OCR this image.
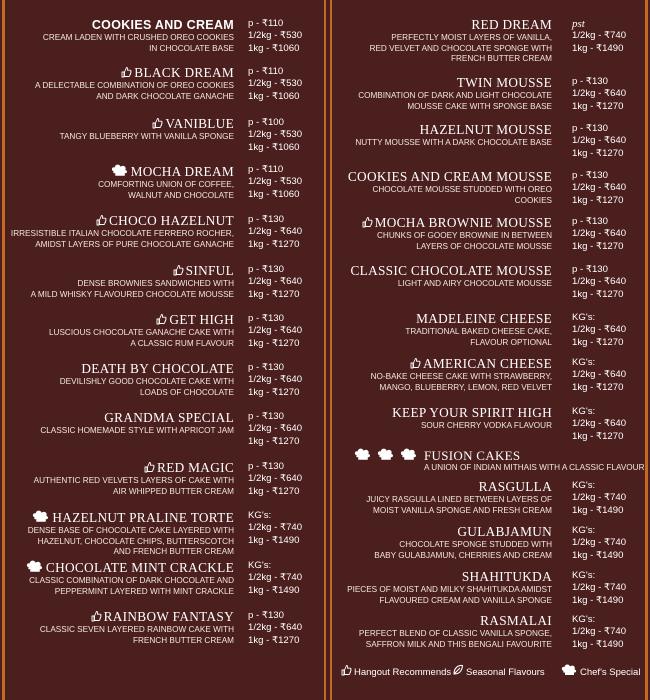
COOKIES AND CREAM
CREAM LADEN WITH CRUSHED OREO COOKIES
IN CHOCOLATE BASE
p - ₹110
1/2kg - ₹530
1kg - ₹1060
BLACK DREAM
A DELECTABLE COMBINATION OF OREO COOKIES
AND DARK CHOCOLATE GANACHE
p - ₹110
1/2kg - ₹530
1kg - ₹1060
VANIBLUE
TANGY BLUEBERRY WITH VANILLA SPONGE
p - ₹100
1/2kg - ₹530
1kg - ₹1060
MOCHA DREAM
COMFORTING UNION OF COFFEE,
WALNUT AND CHOCOLATE
p - ₹110
1/2kg - ₹530
1kg - ₹1060
CHOCO HAZELNUT
IRRESISTIBLE ITALIAN CHOCOLATE FERRERO ROCHER,
AMIDST LAYERS OF PURE CHOCOLATE GANACHE
p - ₹130
1/2kg - ₹640
1kg - ₹1270
SINFUL
DENSE BROWNIES SANDWICHED WITH
A MILD WHISKY FLAVOURED CHOCOLATE MOUSSE
p - ₹130
1/2kg - ₹640
1kg - ₹1270
GET HIGH
LUSCIOUS CHOCOLATE GANACHE CAKE WITH
A CLASSIC RUM FLAVOUR
p - ₹130
1/2kg - ₹640
1kg - ₹1270
DEATH BY CHOCOLATE
DEVILISHLY GOOD CHOCOLATE CAKE WITH
LOADS OF CHOCOLATE
p - ₹130
1/2kg - ₹640
1kg - ₹1270
GRANDMA SPECIAL
CLASSIC HOMEMADE STYLE WITH APRICOT JAM
p - ₹130
1/2kg - ₹640
1kg - ₹1270
RED MAGIC
AUTHENTIC RED VELVETS LAYERS OF CAKE WITH
AIR WHIPPED BUTTER CREAM
p - ₹130
1/2kg - ₹640
1kg - ₹1270
HAZELNUT PRALINE TORTE
DENSE BASE OF CHOCOLATE CAKE LAYERED WITH
HAZELNUT, CHOCOLATE CHIPS, BUTTERSCOTCH
AND FRENCH BUTTER CREAM
KG's:
1/2kg - ₹740
1kg - ₹1490
CHOCOLATE MINT CRACKLE
CLASSIC COMBINATION OF DARK CHOCOLATE AND
PEPPERMINT LAYERED WITH MINT CRACKLE
KG's:
1/2kg - ₹740
1kg - ₹1490
RAINBOW FANTASY
CLASSIC SEVEN LAYERED RAINBOW CAKE WITH
FRENCH BUTTER CREAM
p - ₹130
1/2kg - ₹640
1kg - ₹1270
FUSION CAKES
A UNION OF INDIAN MITHAIS WITH A CLASSIC FLAVOUR
RED DREAM
PERFECTLY MOIST LAYERS OF VANILLA,
RED VELVET AND CHOCOLATE SPONGE WITH
FRENCH BUTTER CREAM
pst
1/2kg - ₹740
1kg - ₹1490
TWIN MOUSSE
COMBINATION OF DARK AND LIGHT CHOCOLATE
MOUSSE CAKE WITH SPONGE BASE
p - ₹130
1/2kg - ₹640
1kg - ₹1270
HAZELNUT MOUSSE
NUTTY MOUSSE WITH A DARK CHOCOLATE BASE
p - ₹130
1/2kg - ₹640
1kg - ₹1270
COOKIES AND CREAM MOUSSE
CHOCOLATE MOUSSE STUDDED WITH OREO COOKIES
p - ₹130
1/2kg - ₹640
1kg - ₹1270
MOCHA BROWNIE MOUSSE
CHUNKS OF GOOEY BROWNIE IN BETWEEN
LAYERS OF CHOCOLATE MOUSSE
p - ₹130
1/2kg - ₹640
1kg - ₹1270
CLASSIC CHOCOLATE MOUSSE
LIGHT AND AIRY CHOCOLATE MOUSSE
p - ₹130
1/2kg - ₹640
1kg - ₹1270
MADELEINE CHEESE
TRADITIONAL BAKED CHEESE CAKE,
FLAVOUR OPTIONAL
KG's:
1/2kg - ₹640
1kg - ₹1270
AMERICAN CHEESE
NO-BAKE CHEESE CAKE WITH STRAWBERRY,
MANGO, BLUEBERRY, LEMON, RED VELVET
KG's:
1/2kg - ₹640
1kg - ₹1270
KEEP YOUR SPIRIT HIGH
SOUR CHERRY VODKA FLAVOUR
KG's:
1/2kg - ₹640
1kg - ₹1270
RASGULLA
JUICY RASGULLA LINED BETWEEN LAYERS OF
MOIST VANILLA SPONGE AND FRESH CREAM
KG's:
1/2kg - ₹740
1kg - ₹1490
GULABJAMUN
CHOCOLATE SPONGE STUDDED WITH
BABY GULABJAMUN, CHERRIES AND CREAM
KG's:
1/2kg - ₹740
1kg - ₹1490
SHAHITUKDA
PIECES OF MOIST AND MILKY SHAHITUKDA AMIDST
FLAVOURED CREAM AND VANILLA SPONGE
KG's:
1/2kg - ₹740
1kg - ₹1490
RASMALAI
PERFECT BLEND OF CLASSIC VANILLA SPONGE,
SAFFRON MILK AND THIS BENGALI FAVOURITE
KG's:
1/2kg - ₹740
1kg - ₹1490
Hangout Recommends	Seasonal Flavours	Chef's Special
